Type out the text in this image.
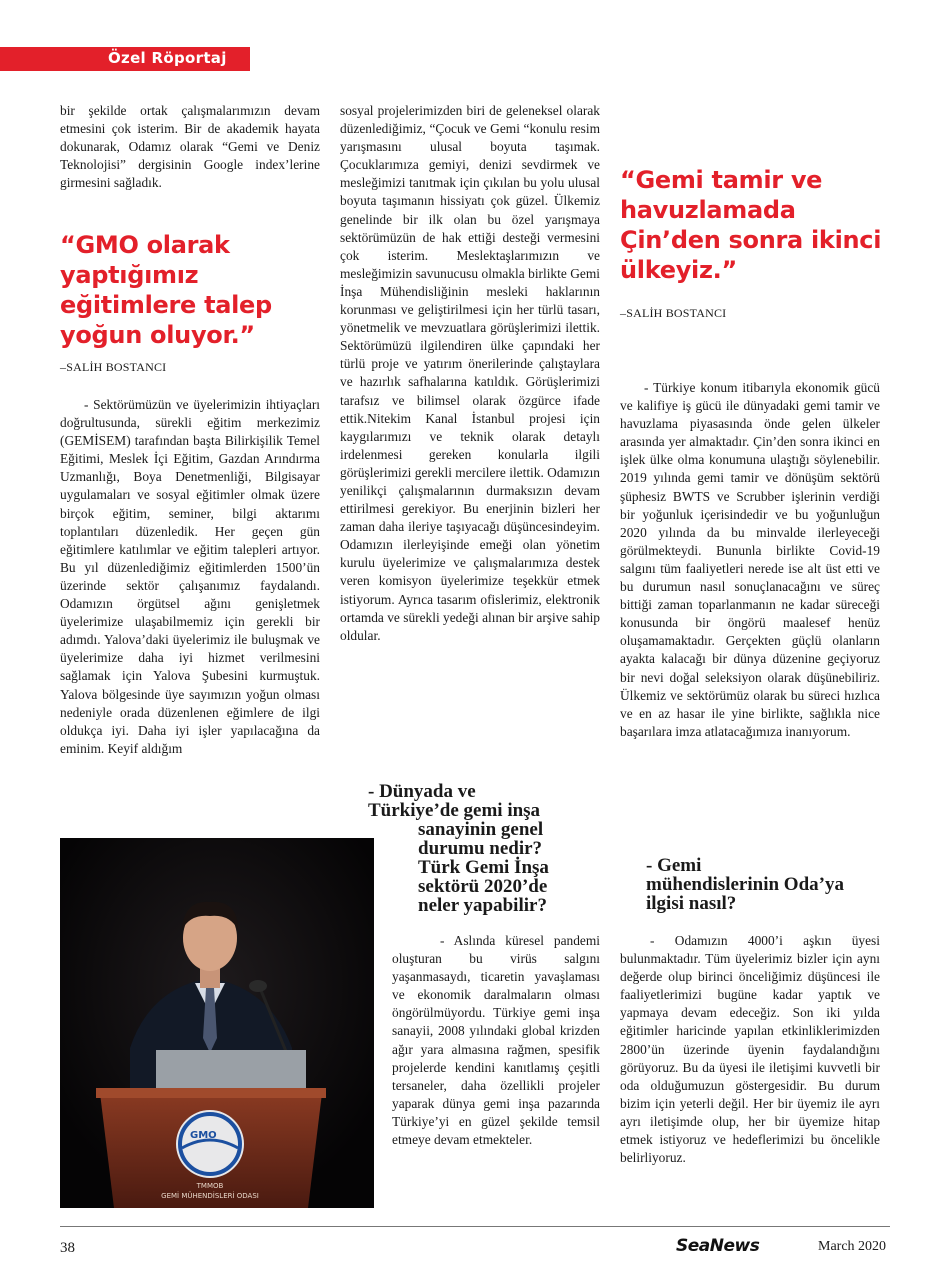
Özel Röportaj

bir şekilde ortak çalışmalarımızın devam etmesini çok isterim. Bir de akademik hayata dokunarak, Odamız olarak “Gemi ve Deniz Teknolojisi” dergisinin Google index’lerine girmesini sağladık.

“GMO olarak yaptığımız eğitimlere talep yoğun oluyor.”
–SALİH BOSTANCI

- Sektörümüzün ve üyelerimizin ihtiyaçları doğrultusunda, sürekli eğitim merkezimiz (GEMİSEM) tarafından başta Bilirkişilik Temel Eğitimi, Meslek İçi Eğitim, Gazdan Arındırma Uzmanlığı, Boya Denetmenliği, Bilgisayar uygulamaları ve sosyal eğitimler olmak üzere birçok eğitim, seminer, bilgi aktarımı toplantıları düzenledik. Her geçen gün eğitimlere katılımlar ve eğitim talepleri artıyor. Bu yıl düzenlediğimiz eğitimlerden 1500’ün üzerinde sektör çalışanımız faydalandı. Odamızın örgütsel ağını genişletmek üyelerimize ulaşabilmemiz için gerekli bir adımdı. Yalova’daki üyelerimiz ile buluşmak ve üyelerimize daha iyi hizmet verilmesini sağlamak için Yalova Şubesini kurmuştuk. Yalova bölgesinde üye sayımızın yoğun olması nedeniyle orada düzenlenen eğimlere de ilgi oldukça iyi. Daha iyi işler yapılacağına da eminim. Keyif aldığım

sosyal projelerimizden biri de geleneksel olarak düzenlediğimiz, “Çocuk ve Gemi “konulu resim yarışmasını ulusal boyuta taşımak. Çocuklarımıza gemiyi, denizi sevdirmek ve mesleğimizi tanıtmak için çıkılan bu yolu ulusal boyuta taşımanın hissiyatı çok güzel. Ülkemiz genelinde bir ilk olan bu özel yarışmaya sektörümüzün de hak ettiği desteği vermesini çok isterim. Meslektaşlarımızın ve mesleğimizin savunucusu olmakla birlikte Gemi İnşa Mühendisliğinin mesleki haklarının korunması ve geliştirilmesi için her türlü tasarı, yönetmelik ve mevzuatlara görüşlerimizi ilettik. Sektörümüzü ilgilendiren ülke çapındaki her türlü proje ve yatırım önerilerinde çalıştaylara ve hazırlık safhalarına katıldık. Görüşlerimizi tarafsız ve bilimsel olarak özgürce ifade ettik.Nitekim Kanal İstanbul projesi için kaygılarımızı ve teknik olarak detaylı irdelenmesi gereken konularla ilgili görüşlerimizi gerekli mercilere ilettik. Odamızın yenilikçi çalışmalarının durmaksızın devam ettirilmesi gerekiyor. Bu enerjinin bizleri her zaman daha ileriye taşıyacağı düşüncesindeyim. Odamızın ilerleyişinde emeği olan yönetim kurulu üyelerimize ve çalışmalarımıza destek veren komisyon üyelerimize teşekkür etmek istiyorum. Ayrıca tasarım ofislerimiz, elektronik ortamda ve sürekli yedeği alınan bir arşive sahip oldular.

- Dünyada ve
Türkiye’de gemi inşa
sanayinin genel durumu nedir? Türk Gemi İnşa sektörü 2020’de neler yapabilir?

- Aslında küresel pandemi oluşturan bu virüs salgını yaşanmasaydı, ticaretin yavaşlaması ve ekonomik daralmaların olması öngörülmüyordu. Türkiye gemi inşa sanayii, 2008 yılındaki global krizden ağır yara almasına rağmen, spesifik projelerde kendini kanıtlamış çeşitli tersaneler, daha özellikli projeler yaparak dünya gemi inşa pazarında Türkiye’yi en güzel şekilde temsil etmeye devam etmekteler.

“Gemi tamir ve havuzlamada Çin’den sonra ikinci ülkeyiz.”
–SALİH BOSTANCI

- Türkiye konum itibarıyla ekonomik gücü ve kalifiye iş gücü ile dünyadaki gemi tamir ve havuzlama piyasasında önde gelen ülkeler arasında yer almaktadır. Çin’den sonra ikinci en işlek ülke olma konumuna ulaştığı söylenebilir. 2019 yılında gemi tamir ve dönüşüm sektörü şüphesiz BWTS ve Scrubber işlerinin verdiği bir yoğunluk içerisindedir ve bu yoğunluğun 2020 yılında da bu minvalde ilerleyeceği görülmekteydi. Bununla birlikte Covid-19 salgını tüm faaliyetleri nerede ise alt üst etti ve bu durumun nasıl sonuçlanacağını ve süreç bittiği zaman toparlanmanın ne kadar süreceği konusunda bir öngörü maalesef henüz oluşamamaktadır. Gerçekten güçlü olanların ayakta kalacağı bir dünya düzenine geçiyoruz bir nevi doğal seleksiyon olarak düşünebiliriz. Ülkemiz ve sektörümüz olarak bu süreci hızlıca ve en az hasar ile yine birlikte, sağlıkla nice başarılara imza atlatacağımıza inanıyorum.

- Gemi
mühendislerinin Oda’ya ilgisi nasıl?

- Odamızın 4000’i aşkın üyesi bulunmaktadır. Tüm üyelerimiz bizler için aynı değerde olup birinci önceliğimiz düşüncesi ile faaliyetlerimizi bugüne kadar yaptık ve yapmaya devam edeceğiz. Son iki yılda eğitimler haricinde yapılan etkinliklerimizden 2800’ün üzerinde üyenin faydalandığını görüyoruz. Bu da üyesi ile iletişimi kuvvetli bir oda olduğumuzun göstergesidir. Bu durum bizim için yeterli değil. Her bir üyemiz ile ayrı ayrı iletişimde olup, her bir üyemize hitap etmek istiyoruz ve hedeflerimizi bu öncelikle belirliyoruz.

GMO
TMMOB
GEMİ MÜHENDİSLERİ ODASI
38	SeaNews	March 2020
